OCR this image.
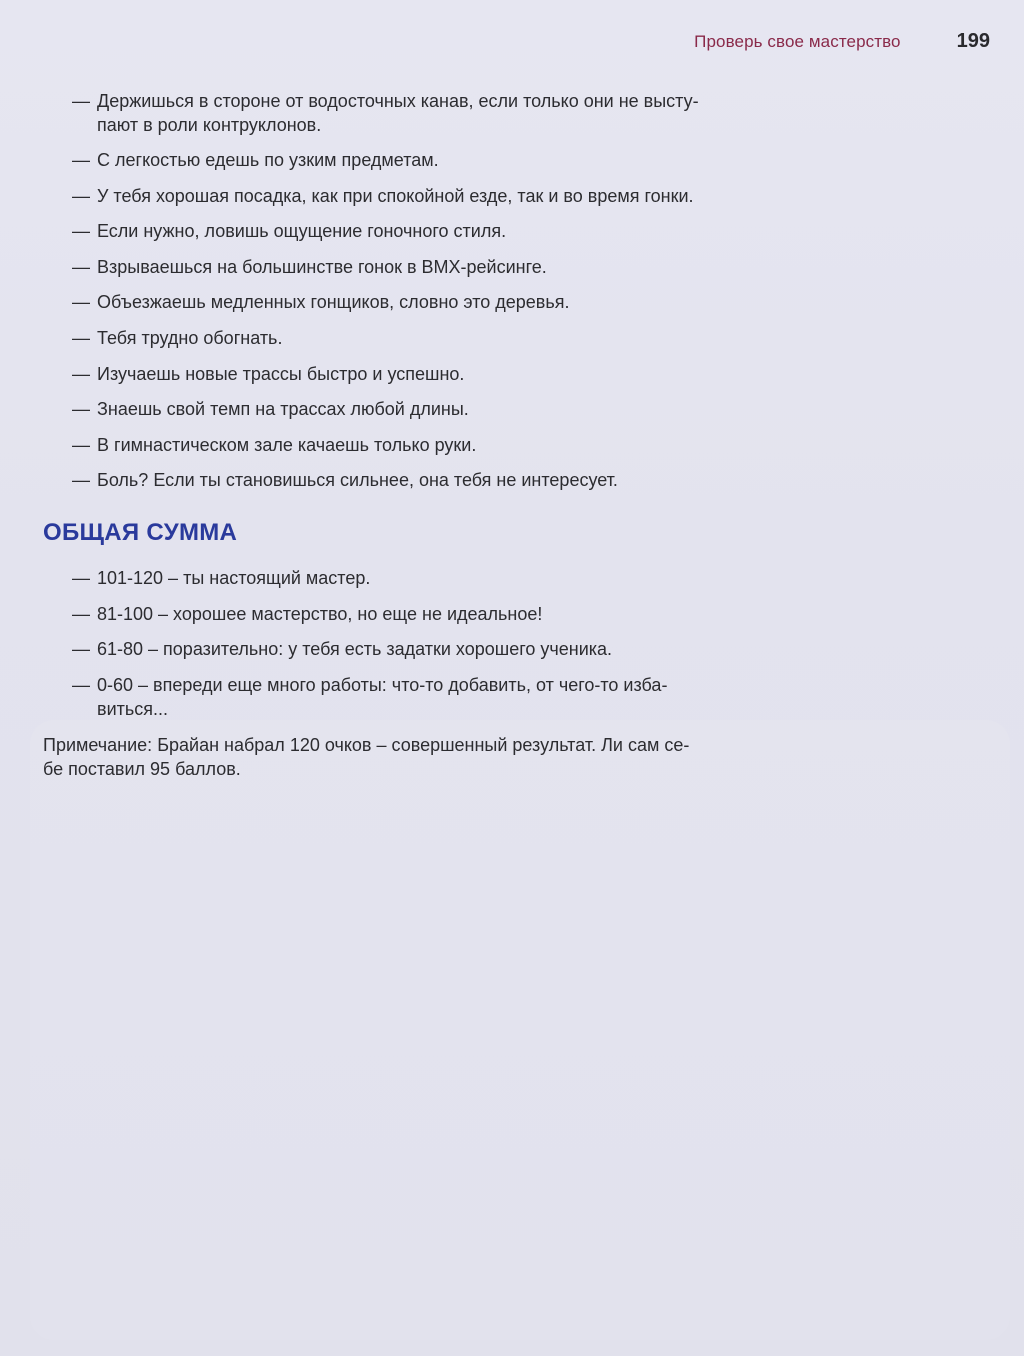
Проверь свое мастерство	199
— Держишься в стороне от водосточных канав, если только они не высту-
пают в роли контруклонов.
— С легкостью едешь по узким предметам.
— У тебя хорошая посадка, как при спокойной езде, так и во время гонки.
— Если нужно, ловишь ощущение гоночного стиля.
— Взрываешься на большинстве гонок в ВМХ-рейсинге.
— Объезжаешь медленных гонщиков, словно это деревья.
— Тебя трудно обогнать.
— Изучаешь новые трассы быстро и успешно.
— Знаешь свой темп на трассах любой длины.
— В гимнастическом зале качаешь только руки.
— Боль? Если ты становишься сильнее, она тебя не интересует.
ОБЩАЯ СУММА
— 101-120 – ты настоящий мастер.
— 81-100 – хорошее мастерство, но еще не идеальное!
— 61-80 – поразительно: у тебя есть задатки хорошего ученика.
— 0-60 – впереди еще много работы: что-то добавить, от чего-то изба-
виться...

Примечание: Брайан набрал 120 очков – совершенный результат. Ли сам се-
бе поставил 95 баллов.
